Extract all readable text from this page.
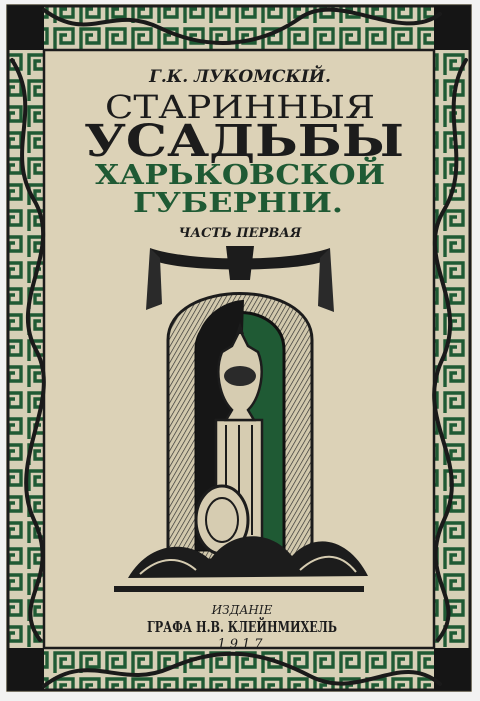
Г.К. ЛУКОМСКІЙ.
СТАРИННЫЯ
УСАДЬБЫ
ХАРЬКОВСКОЙ
ГУБЕРНІИ.
ЧАСТЬ ПЕРВАЯ
ИЗДАНІЕ
ГРАФА Н.В. КЛЕЙНМИХЕЛЬ
1917
